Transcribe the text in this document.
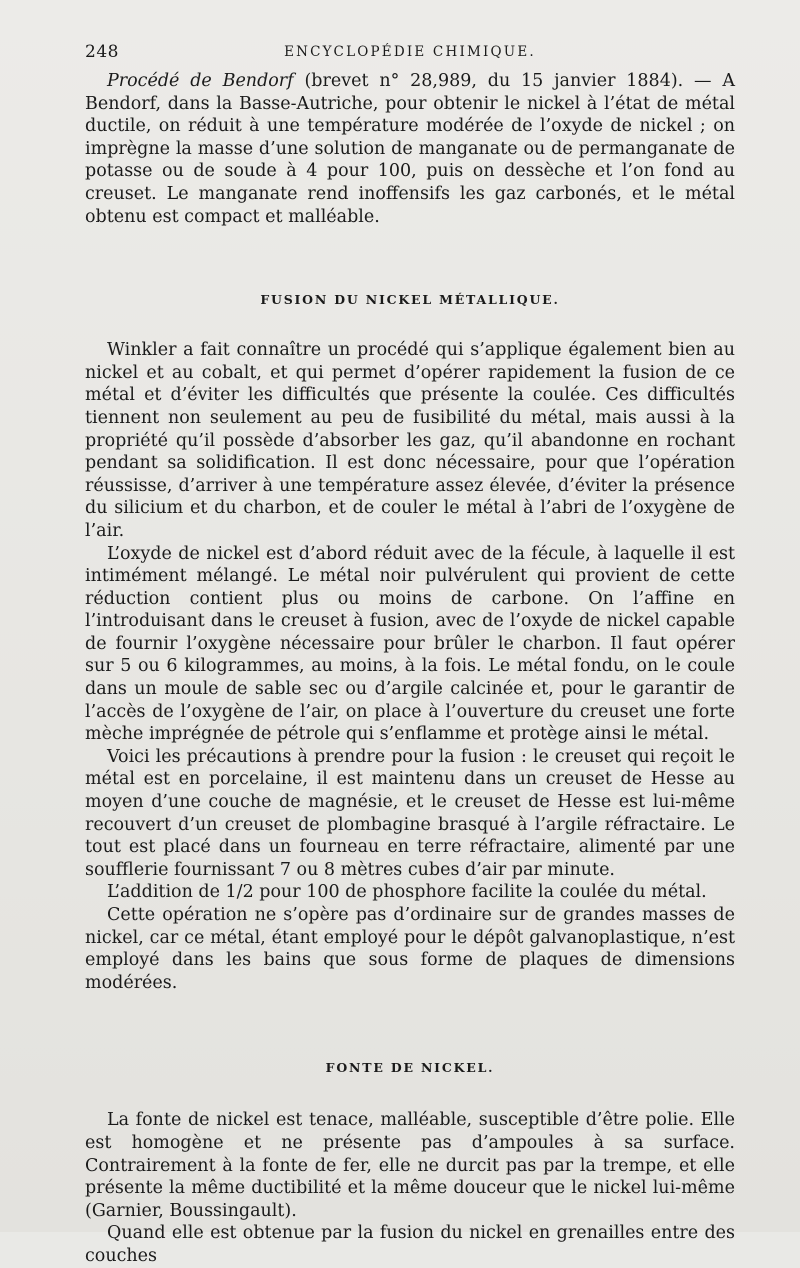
248	ENCYCLOPÉDIE CHIMIQUE.

Procédé de Bendorf (brevet n° 28,989, du 15 janvier 1884). — A Bendorf, dans la Basse-Autriche, pour obtenir le nickel à l’état de métal ductile, on réduit à une température modérée de l’oxyde de nickel ; on imprègne la masse d’une solution de manganate ou de permanganate de potasse ou de soude à 4 pour 100, puis on dessèche et l’on fond au creuset. Le manganate rend inoffensifs les gaz carbonés, et le métal obtenu est compact et malléable.

FUSION DU NICKEL MÉTALLIQUE.

Winkler a fait connaître un procédé qui s’applique également bien au nickel et au cobalt, et qui permet d’opérer rapidement la fusion de ce métal et d’éviter les difficultés que présente la coulée. Ces difficultés tiennent non seulement au peu de fusibilité du métal, mais aussi à la propriété qu’il possède d’absorber les gaz, qu’il abandonne en rochant pendant sa solidification. Il est donc nécessaire, pour que l’opération réussisse, d’arriver à une température assez élevée, d’éviter la présence du silicium et du charbon, et de couler le métal à l’abri de l’oxygène de l’air.

L’oxyde de nickel est d’abord réduit avec de la fécule, à laquelle il est intimément mélangé. Le métal noir pulvérulent qui provient de cette réduction contient plus ou moins de carbone. On l’affine en l’introduisant dans le creuset à fusion, avec de l’oxyde de nickel capable de fournir l’oxygène nécessaire pour brûler le charbon. Il faut opérer sur 5 ou 6 kilogrammes, au moins, à la fois. Le métal fondu, on le coule dans un moule de sable sec ou d’argile calcinée et, pour le garantir de l’accès de l’oxygène de l’air, on place à l’ouverture du creuset une forte mèche imprégnée de pétrole qui s’enflamme et protège ainsi le métal.

Voici les précautions à prendre pour la fusion : le creuset qui reçoit le métal est en porcelaine, il est maintenu dans un creuset de Hesse au moyen d’une couche de magnésie, et le creuset de Hesse est lui-même recouvert d’un creuset de plombagine brasqué à l’argile réfractaire. Le tout est placé dans un fourneau en terre réfractaire, alimenté par une soufflerie fournissant 7 ou 8 mètres cubes d’air par minute.

L’addition de 1/2 pour 100 de phosphore facilite la coulée du métal.

Cette opération ne s’opère pas d’ordinaire sur de grandes masses de nickel, car ce métal, étant employé pour le dépôt galvanoplastique, n’est employé dans les bains que sous forme de plaques de dimensions modérées.

FONTE DE NICKEL.

La fonte de nickel est tenace, malléable, susceptible d’être polie. Elle est homogène et ne présente pas d’ampoules à sa surface. Contrairement à la fonte de fer, elle ne durcit pas par la trempe, et elle présente la même ductibilité et la même douceur que le nickel lui-même (Garnier, Boussingault).

Quand elle est obtenue par la fusion du nickel en grenailles entre des couches
